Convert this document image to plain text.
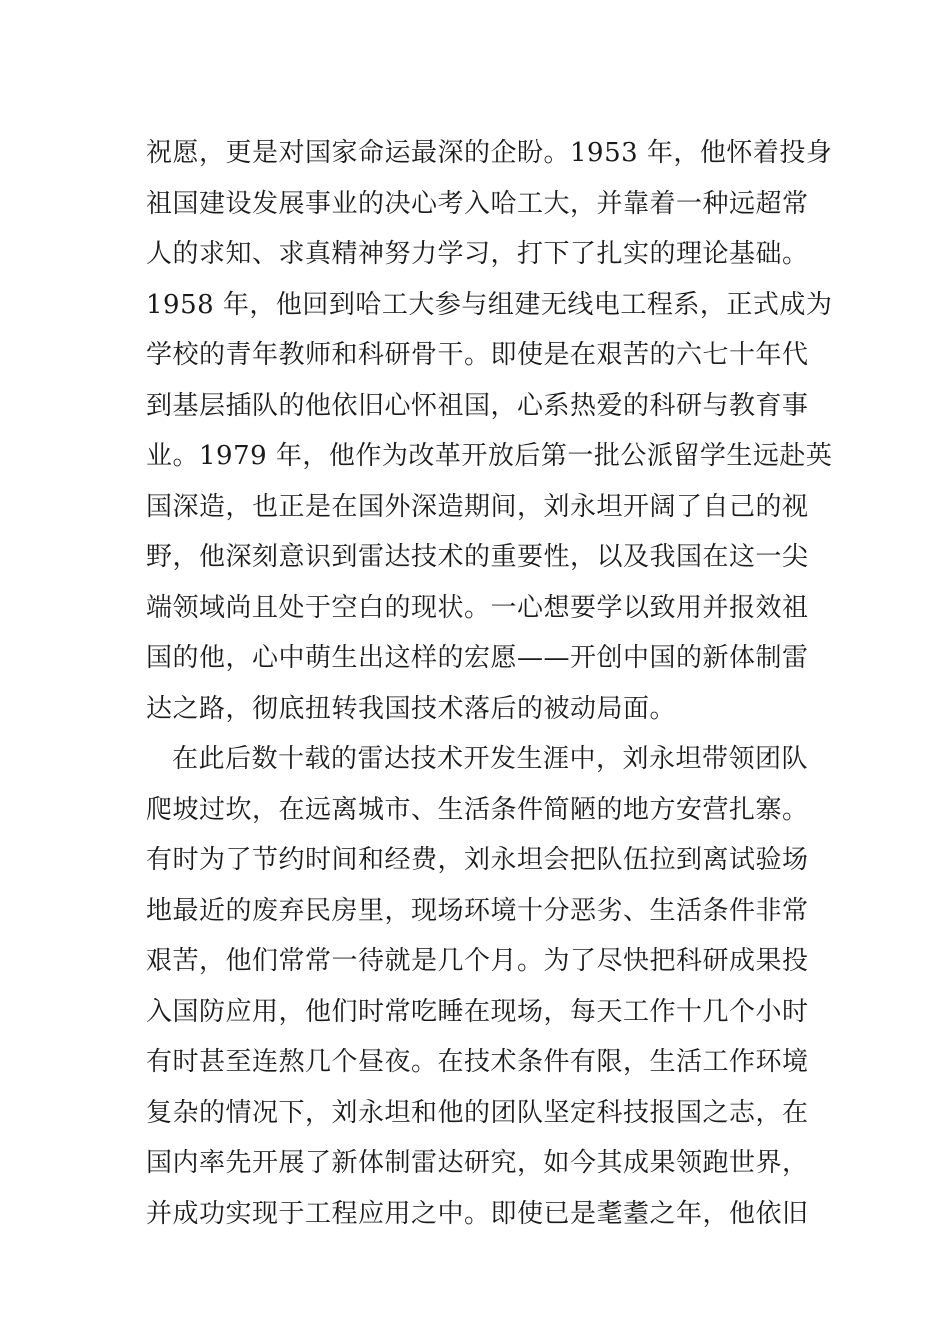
祝愿，更是对国家命运最深的企盼。1953 年，他怀着投身
祖国建设发展事业的决心考入哈工大，并靠着一种远超常
人的求知、求真精神努力学习，打下了扎实的理论基础。
1958 年，他回到哈工大参与组建无线电工程系，正式成为
学校的青年教师和科研骨干。即使是在艰苦的六七十年代
到基层插队的他依旧心怀祖国，心系热爱的科研与教育事
业。1979 年，他作为改革开放后第一批公派留学生远赴英
国深造，也正是在国外深造期间，刘永坦开阔了自己的视
野，他深刻意识到雷达技术的重要性，以及我国在这一尖
端领域尚且处于空白的现状。一心想要学以致用并报效祖
国的他，心中萌生出这样的宏愿——开创中国的新体制雷
达之路，彻底扭转我国技术落后的被动局面。
在此后数十载的雷达技术开发生涯中，刘永坦带领团队
爬坡过坎，在远离城市、生活条件简陋的地方安营扎寨。
有时为了节约时间和经费，刘永坦会把队伍拉到离试验场
地最近的废弃民房里，现场环境十分恶劣、生活条件非常
艰苦，他们常常一待就是几个月。为了尽快把科研成果投
入国防应用，他们时常吃睡在现场，每天工作十几个小时
有时甚至连熬几个昼夜。在技术条件有限，生活工作环境
复杂的情况下，刘永坦和他的团队坚定科技报国之志，在
国内率先开展了新体制雷达研究，如今其成果领跑世界，
并成功实现于工程应用之中。即使已是耄耋之年，他依旧
